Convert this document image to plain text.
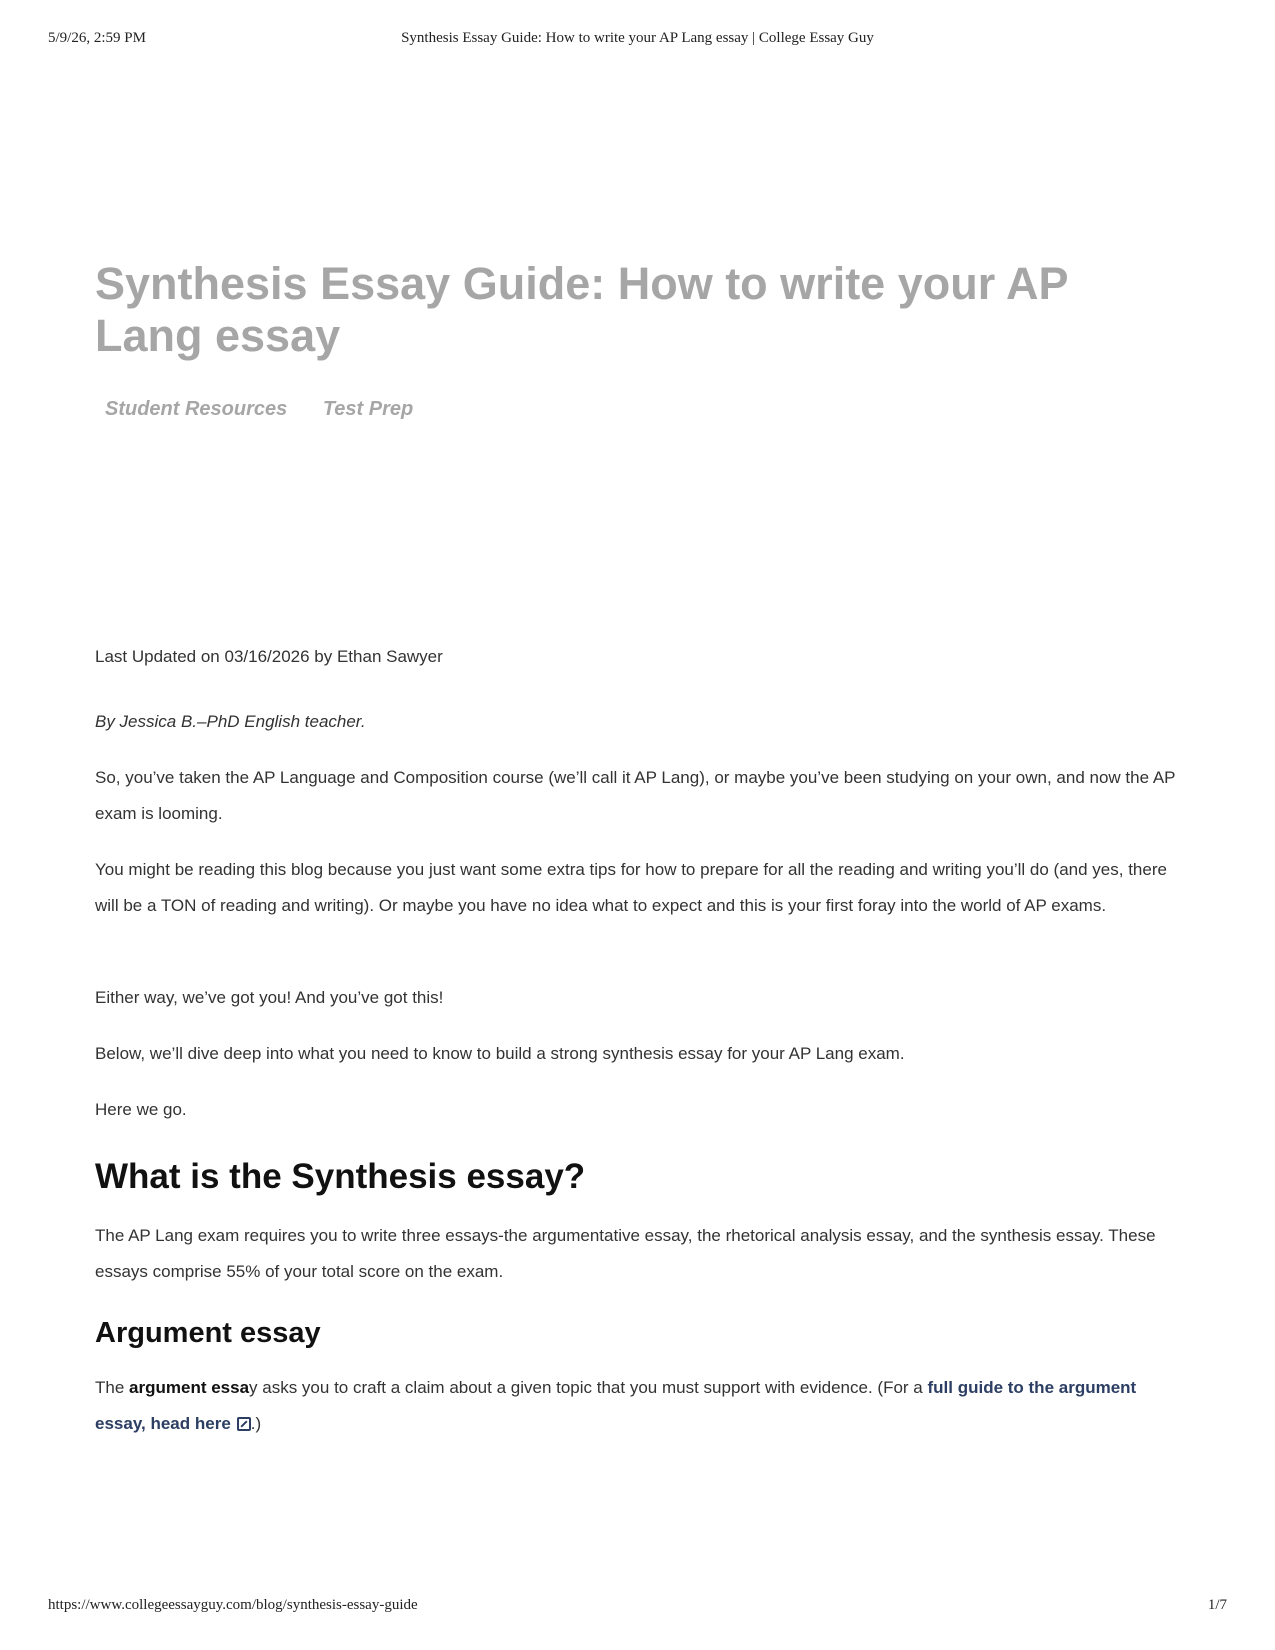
5/9/26, 2:59 PM	Synthesis Essay Guide: How to write your AP Lang essay | College Essay Guy
Synthesis Essay Guide: How to write your AP Lang essay
Student Resources Test Prep
Last Updated on 03/16/2026 by Ethan Sawyer

By Jessica B.–PhD English teacher.

So, you’ve taken the AP Language and Composition course (we’ll call it AP Lang), or maybe you’ve been studying on your own, and now the AP exam is looming.

You might be reading this blog because you just want some extra tips for how to prepare for all the reading and writing you’ll do (and yes, there will be a TON of reading and writing). Or maybe you have no idea what to expect and this is your first foray into the world of AP exams.

Either way, we’ve got you! And you’ve got this!

Below, we’ll dive deep into what you need to know to build a strong synthesis essay for your AP Lang exam.

Here we go.

What is the Synthesis essay?

The AP Lang exam requires you to write three essays-the argumentative essay, the rhetorical analysis essay, and the synthesis essay. These essays comprise 55% of your total score on the exam.

Argument essay

The argument essay asks you to craft a claim about a given topic that you must support with evidence. (For a full guide to the argument essay, head here .)

https://www.collegeessayguy.com/blog/synthesis-essay-guide	1/7
